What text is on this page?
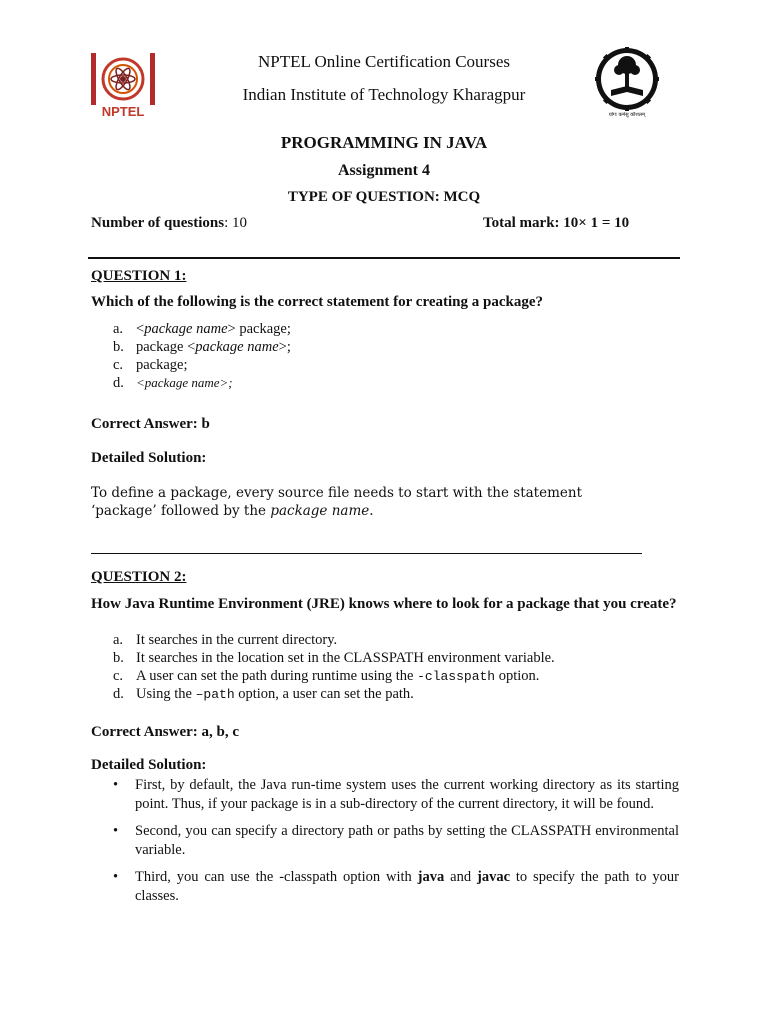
NPTEL	योगः कर्मसु कौशलम्
NPTEL Online Certification Courses
Indian Institute of Technology Kharagpur
PROGRAMMING IN JAVA
Assignment 4
TYPE OF QUESTION: MCQ
Number of questions: 10	Total mark: 10× 1 = 10
QUESTION 1:
Which of the following is the correct statement for creating a package?
a. <package name> package;
b. package <package name>;
c. package;
d. <package name>;
Correct Answer: b
Detailed Solution:
To define a package, every source file needs to start with the statement ‘package’ followed by the package name.
QUESTION 2:
How Java Runtime Environment (JRE) knows where to look for a package that you create?
a. It searches in the current directory.
b. It searches in the location set in the CLASSPATH environment variable.
c. A user can set the path during runtime using the -classpath option.
d. Using the –path option, a user can set the path.
Correct Answer: a, b, c
Detailed Solution:
• First, by default, the Java run-time system uses the current working directory as its starting point. Thus, if your package is in a sub-directory of the current directory, it will be found.
• Second, you can specify a directory path or paths by setting the CLASSPATH environmental variable.
• Third, you can use the -classpath option with java and javac to specify the path to your classes.
